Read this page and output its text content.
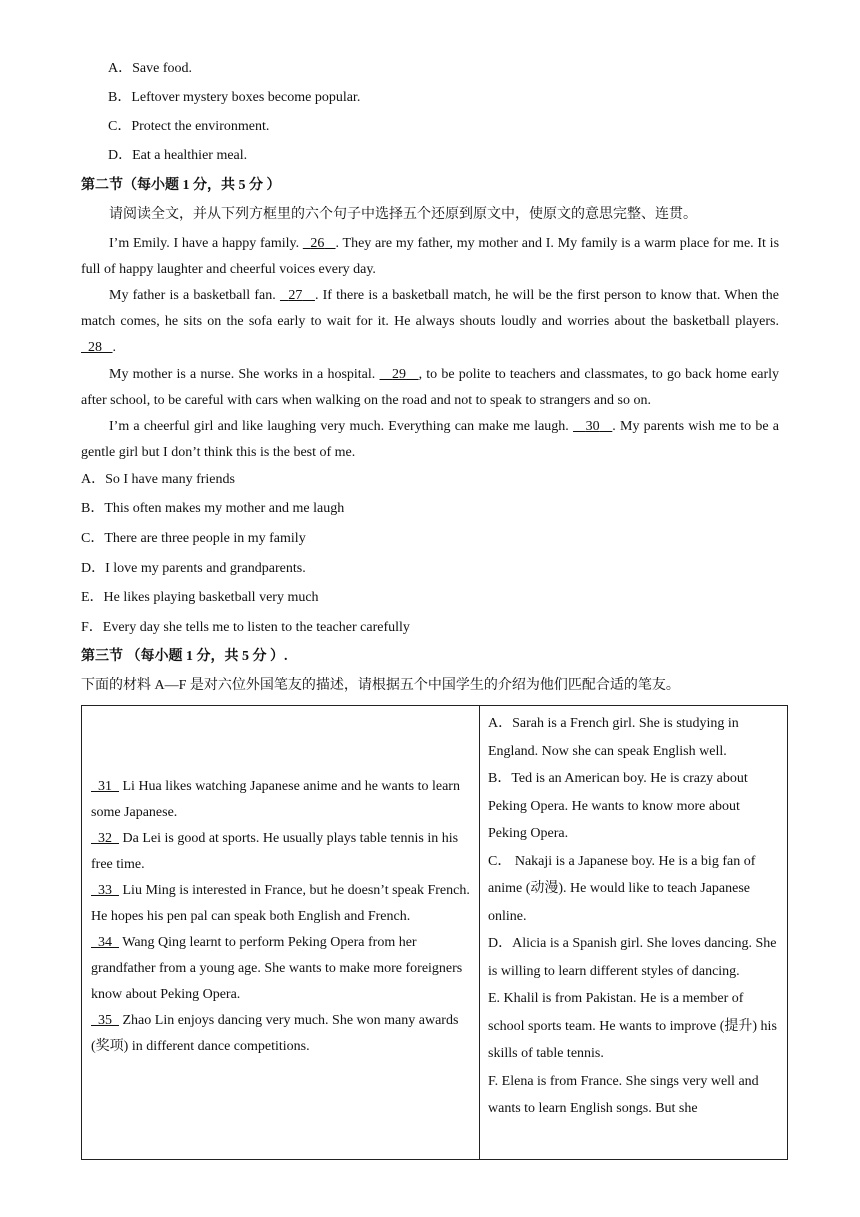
A．Save food.
B．Leftover mystery boxes become popular.
C．Protect the environment.
D．Eat a healthier meal.
第二节（每小题 1 分，共 5 分 ）
请阅读全文，并从下列方框里的六个句子中选择五个还原到原文中，使原文的意思完整、连贯。
I’m Emily. I have a happy family.   26 . They are my father, my mother and I. My family is a warm place for me. It is full of happy laughter and cheerful voices every day.
My father is a basketball fan.   27 . If there is a basketball match, he will be the first person to know that. When the match comes, he sits on the sofa early to wait for it. He always shouts loudly and worries about the basketball players.   28 .
My mother is a nurse. She works in a hospital.    29 , to be polite to teachers and classmates, to go back home early after school, to be careful with cars when walking on the road and not to speak to strangers and so on.
I’m a cheerful girl and like laughing very much. Everything can make me laugh.    30 . My parents wish me to be a gentle girl but I don’t think this is the best of me.
A．So I have many friends
B．This often makes my mother and me laugh
C．There are three people in my family
D．I love my parents and grandparents.
E．He likes playing basketball very much
F．Every day she tells me to listen to the teacher carefully
第三节 （每小题 1 分，共 5 分 ）.
下面的材料 A—F 是对六位外国笔友的描述，请根据五个中国学生的介绍为他们匹配合适的笔友。

31   Li Hua likes watching Japanese anime and he wants to learn some Japanese.

32   Da Lei is good at sports. He usually plays table tennis in his free time.

33   Liu Ming is interested in France, but he doesn’t speak French. He hopes his pen pal can speak both English and French.

34   Wang Qing learnt to perform Peking Opera from her grandfather from a young age. She wants to make more foreigners know about Peking Opera.

35   Zhao Lin enjoys dancing very much. She won many awards (奖项) in different dance competitions.

A．Sarah is a French girl. She is studying in England. Now she can speak English well.

B．Ted is an American boy. He is crazy about Peking Opera. He wants to know more about Peking Opera.

C． Nakaji is a Japanese boy. He is a big fan of anime (动漫). He would like to teach Japanese online.

D．Alicia is a Spanish girl. She loves dancing. She is willing to learn different styles of dancing.

E. Khalil is from Pakistan. He is a member of school sports team. He wants to improve (提升) his skills of table tennis.

F. Elena is from France. She sings very well and wants to learn English songs. But she
